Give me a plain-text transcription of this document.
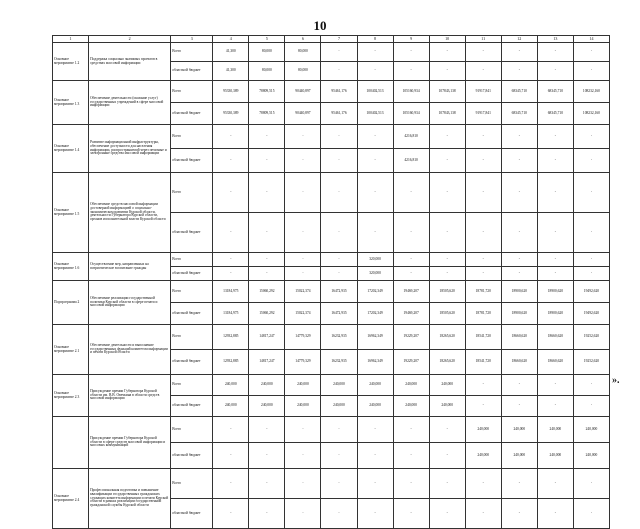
10
1	2	3	4	5	6	7	8	9	10	11	12	13	14
Основное мероприятие 1.2	Поддержка социально значимых проектов в средствах массовой информации	Всего	41,300	80,000	80,000	-	-	-	-	-	-	-	-
		областной бюджет	41,300	80,000	80,000	-	-	-	-	-	-	-	-
Основное мероприятие 1.3	Обеспечение деятельности (оказание услуг) государственных учреждений в сфере массовой информации	Всего	95330,389	78809,515	90440,897	95461,176	100402,513	105160,934	107843,138	91917,841	68345,710	68345,710	108232,160
		областной бюджет	95330,389	78809,515	90440,897	95461,176	100402,513	105160,934	107843,138	91917,841	68345,710	68345,710	108232,160
Основное мероприятие 1.4	Развитие информационной инфраструктуры, обеспечение доступности для населения информации, распространяемой через печатные и электронные средства массовой информации	Всего	-	-	-	-	-	4216,810	-	-	-	-	-
		областной бюджет	-	-	-	-	-	4216,810	-	-	-	-	-
Основное мероприятие 1.5	Обеспечение средств массовой информации достоверной информацией о социально-экономическом развитии Курской области, деятельности Губернатора Курской области, органов исполнительной власти Курской области	Всего	-	-	-	-	-	-	-	-	-	-	-
		областной бюджет	-	-	-	-	-	-	-	-	-	-	-
Основное мероприятие 1.6	Осуществление мер, направленных на патриотическое воспитание граждан	Всего	-	-	-	-	320,000	-	-	-	-	-	-
		областной бюджет	-	-	-	-	320,000	-	-	-	-	-	-
Подпрограмма 2	Обеспечение реализации государственной политики Курской области в сфере печати и массовой информации	Всего	13184,975	15060,292	15022,374	16472,935	17202,349	19469,207	18505,620	18781,720	18900,620	18900,620	19492,620
		областной бюджет	13184,975	15060,292	15022,374	16472,935	17202,349	19469,207	18505,620	18781,720	18900,620	18900,620	19492,620
Основное мероприятие 2.1	Обеспечение деятельности и выполнение государственных функций комитетом информации и печати Курской области	Всего	12932,885	14817,247	14779,329	16232,935	16962,349	19229,207	18265,620	18541,720	18660,620	18660,620	19252,620
		областной бюджет	12932,885	14817,247	14779,329	16232,935	16962,349	19229,207	18265,620	18541,720	18660,620	18660,620	19252,620
Основное мероприятие 2.3	Присуждение премии Губернатора Курской области им. В.В. Овечкина в области средств массовой информации	Всего	240,000	240,000	240,000	240,000	240,000	240,000	240,000	-	-	-	-
		областной бюджет	240,000	240,000	240,000	240,000	240,000	240,000	240,000	-	-	-	-
	Присуждение премии Губернатора Курской области в сфере средств массовой информации и массовых коммуникаций	Всего	-	-	-	-	-	-	-	240,000	240,000	240,000	240,000
		областной бюджет	-	-	-	-	-	-	-	240,000	240,000	240,000	240,000
Основное мероприятие 2.4	Профессиональная подготовка и повышение квалификации государственных гражданских служащих комитета информации и печати Курской области в рамках реализации государственной гражданской службы Курской области	Всего	-	-	-	-	-	-	-	-	-	-	-
		областной бюджет	-	-	-	-	-	-	-	-	-	-	-
».
